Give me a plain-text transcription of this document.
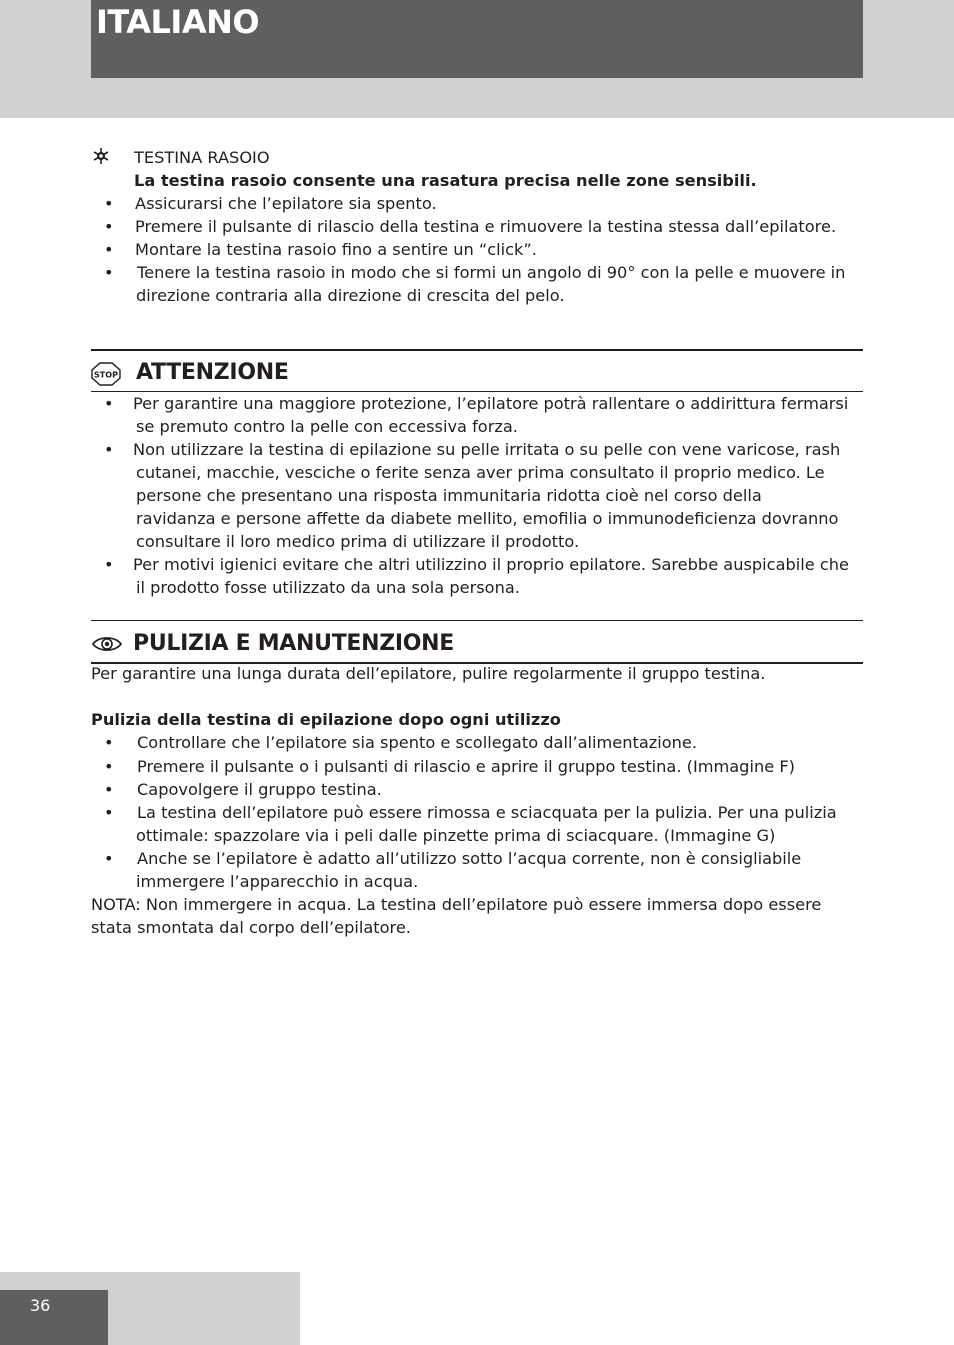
ITALIANO
TESTINA RASOIO
La testina rasoio consente una rasatura precisa nelle zone sensibili.
• Assicurarsi che l’epilatore sia spento.
• Premere il pulsante di rilascio della testina e rimuovere la testina stessa dall’epilatore.
• Montare la testina rasoio fino a sentire un “click”.
• Tenere la testina rasoio in modo che si formi un angolo di 90° con la pelle e muovere in
direzione contraria alla direzione di crescita del pelo.
STOP ATTENZIONE
• Per garantire una maggiore protezione, l’epilatore potrà rallentare o addirittura fermarsi
se premuto contro la pelle con eccessiva forza.
• Non utilizzare la testina di epilazione su pelle irritata o su pelle con vene varicose, rash
cutanei, macchie, vesciche o ferite senza aver prima consultato il proprio medico. Le
persone che presentano una risposta immunitaria ridotta cioè nel corso della
ravidanza e persone affette da diabete mellito, emofilia o immunodeficienza dovranno
consultare il loro medico prima di utilizzare il prodotto.
• Per motivi igienici evitare che altri utilizzino il proprio epilatore. Sarebbe auspicabile che
il prodotto fosse utilizzato da una sola persona.
PULIZIA E MANUTENZIONE
Per garantire una lunga durata dell’epilatore, pulire regolarmente il gruppo testina.
Pulizia della testina di epilazione dopo ogni utilizzo
• Controllare che l’epilatore sia spento e scollegato dall’alimentazione.
• Premere il pulsante o i pulsanti di rilascio e aprire il gruppo testina. (Immagine F)
• Capovolgere il gruppo testina.
• La testina dell’epilatore può essere rimossa e sciacquata per la pulizia. Per una pulizia
ottimale: spazzolare via i peli dalle pinzette prima di sciacquare. (Immagine G)
• Anche se l’epilatore è adatto all’utilizzo sotto l’acqua corrente, non è consigliabile
immergere l’apparecchio in acqua.
NOTA: Non immergere in acqua. La testina dell’epilatore può essere immersa dopo essere
stata smontata dal corpo dell’epilatore.
36
